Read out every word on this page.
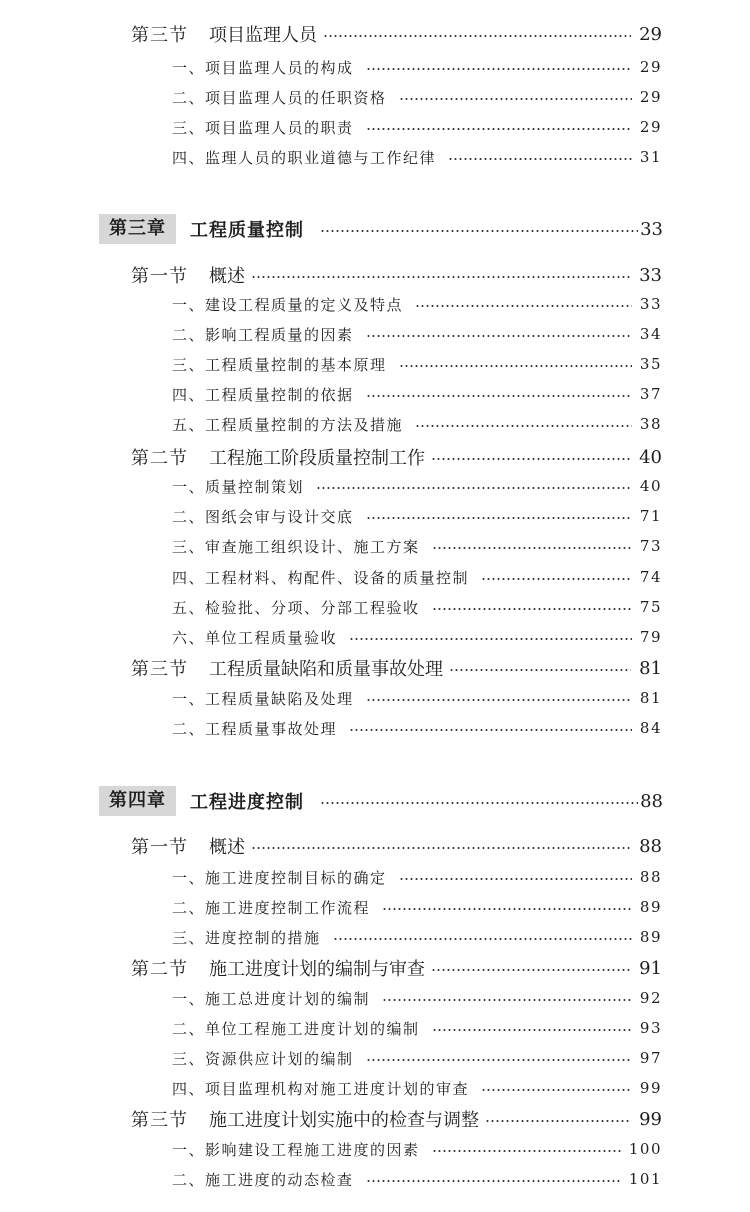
第三节	项目监理人员	29
一、 项目监理人员的构成	29
二、 项目监理人员的任职资格	29
三、 项目监理人员的职责	29
四、 监理人员的职业道德与工作纪律	31
第三章	工程质量控制	33
第一节	概述	33
一、 建设工程质量的定义及特点	33
二、 影响工程质量的因素	34
三、 工程质量控制的基本原理	35
四、 工程质量控制的依据	37
五、 工程质量控制的方法及措施	38
第二节	工程施工阶段质量控制工作	40
一、 质量控制策划	40
二、 图纸会审与设计交底	71
三、 审查施工组织设计、施工方案	73
四、 工程材料、构配件、设备的质量控制	74
五、 检验批、分项、分部工程验收	75
六、 单位工程质量验收	79
第三节	工程质量缺陷和质量事故处理	81
一、 工程质量缺陷及处理	81
二、 工程质量事故处理	84
第四章	工程进度控制	88
第一节	概述	88
一、 施工进度控制目标的确定	88
二、 施工进度控制工作流程	89
三、 进度控制的措施	89
第二节	施工进度计划的编制与审查	91
一、 施工总进度计划的编制	92
二、 单位工程施工进度计划的编制	93
三、 资源供应计划的编制	97
四、 项目监理机构对施工进度计划的审查	99
第三节	施工进度计划实施中的检查与调整	99
一、 影响建设工程施工进度的因素	100
二、 施工进度的动态检查	101
